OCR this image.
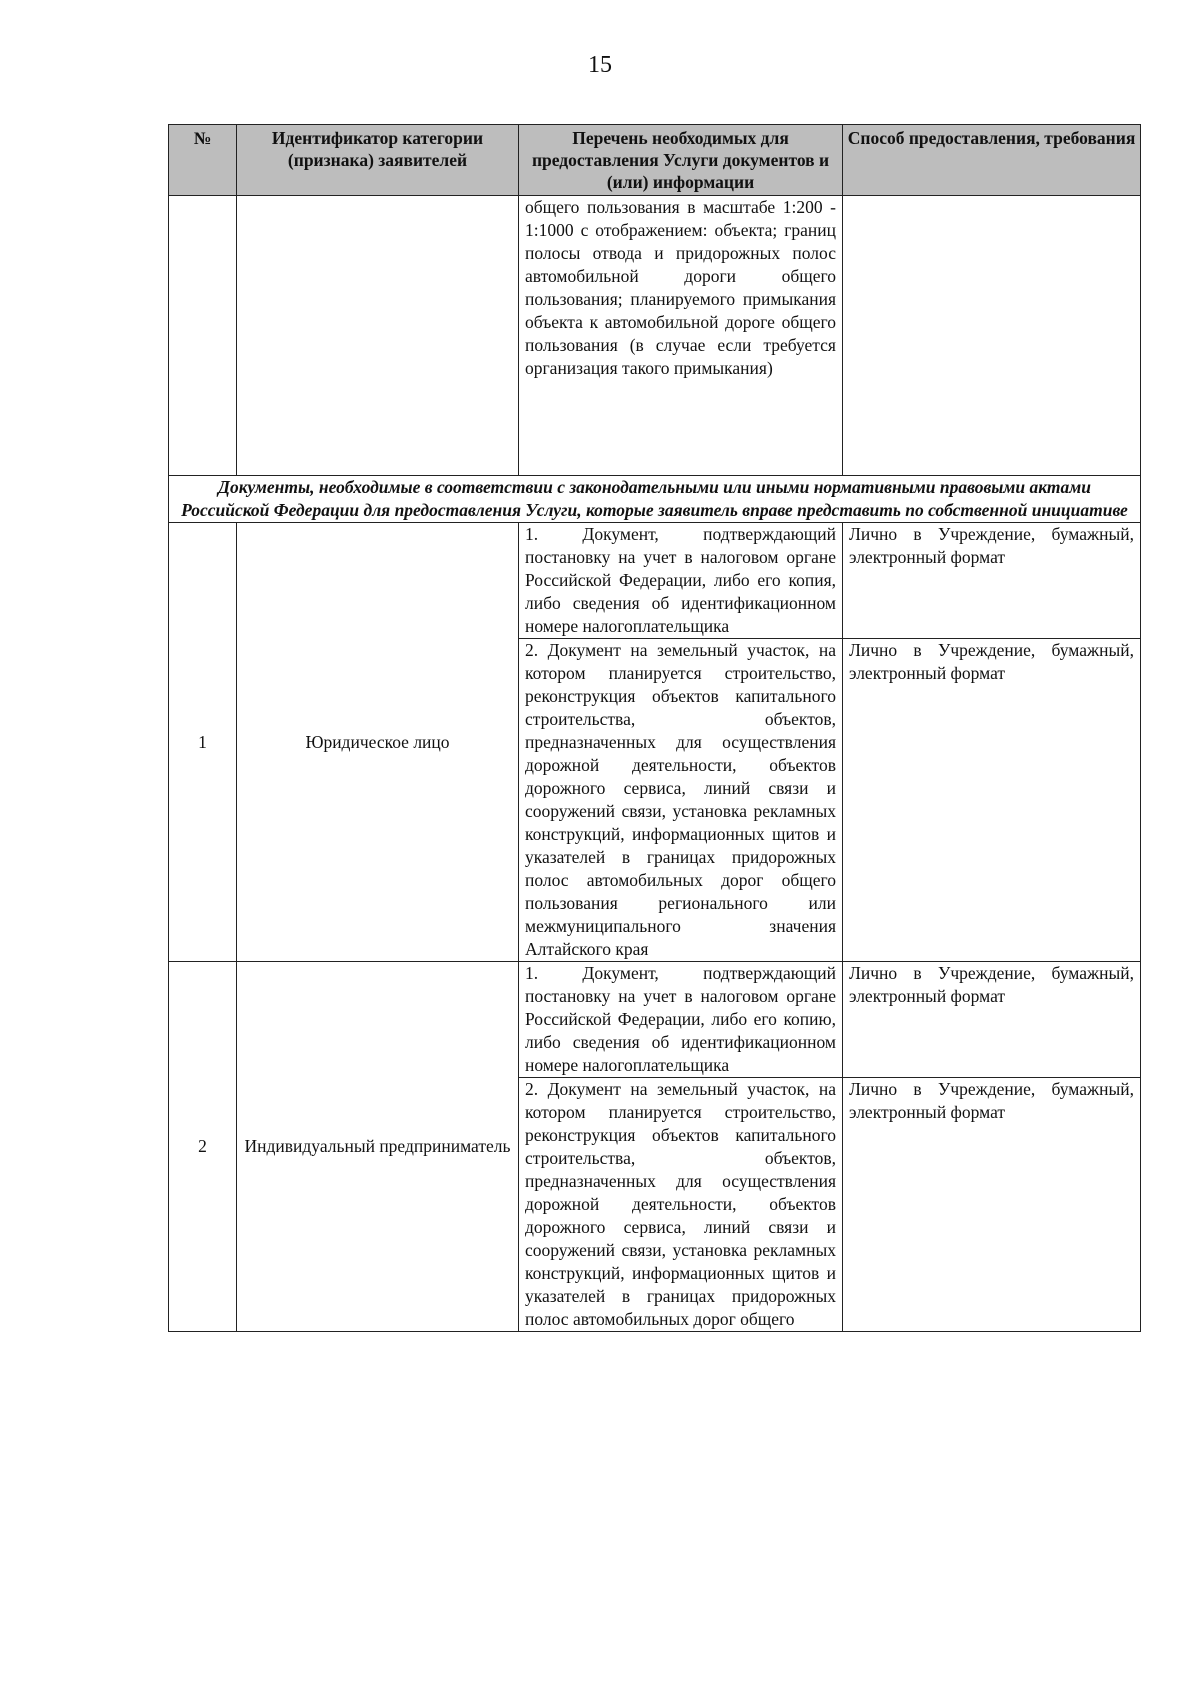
15
№	Идентификатор категории (признака) заявителей	Перечень необходимых для предоставления Услуги документов и (или) информации	Способ предоставления, требования

		общего пользования в масштабе 1:200 - 1:1000 с отображением: объекта; границ полосы отвода и придорожных полос автомобильной дороги общего пользования; планируемого примыкания объекта к автомобильной дороге общего пользования (в случае если требуется организация такого примыкания)	

Документы, необходимые в соответствии с законодательными или иными нормативными правовыми актами Российской Федерации для предоставления Услуги, которые заявитель вправе представить по собственной инициативе			
1	Юридическое лицо	1. Документ, подтверждающий постановку на учет в налоговом органе Российской Федерации, либо его копия, либо сведения об идентификационном номере налогоплательщика	Лично в Учреждение, бумажный, электронный формат
		2. Документ на земельный участок, на котором планируется строительство, реконструкция объектов капитального строительства, объектов, предназначенных для осуществления дорожной деятельности, объектов дорожного сервиса, линий связи и сооружений связи, установка рекламных конструкций, информационных щитов и указателей в границах придорожных полос автомобильных дорог общего пользования регионального или межмуниципального значения Алтайского края	Лично в Учреждение, бумажный, электронный формат
2	Индивидуальный предприниматель	1. Документ, подтверждающий постановку на учет в налоговом органе Российской Федерации, либо его копию, либо сведения об идентификационном номере налогоплательщика	Лично в Учреждение, бумажный, электронный формат
		2. Документ на земельный участок, на котором планируется строительство, реконструкция объектов капитального строительства, объектов, предназначенных для осуществления дорожной деятельности, объектов дорожного сервиса, линий связи и сооружений связи, установка рекламных конструкций, информационных щитов и указателей в границах придорожных полос автомобильных дорог общего	Лично в Учреждение, бумажный, электронный формат
